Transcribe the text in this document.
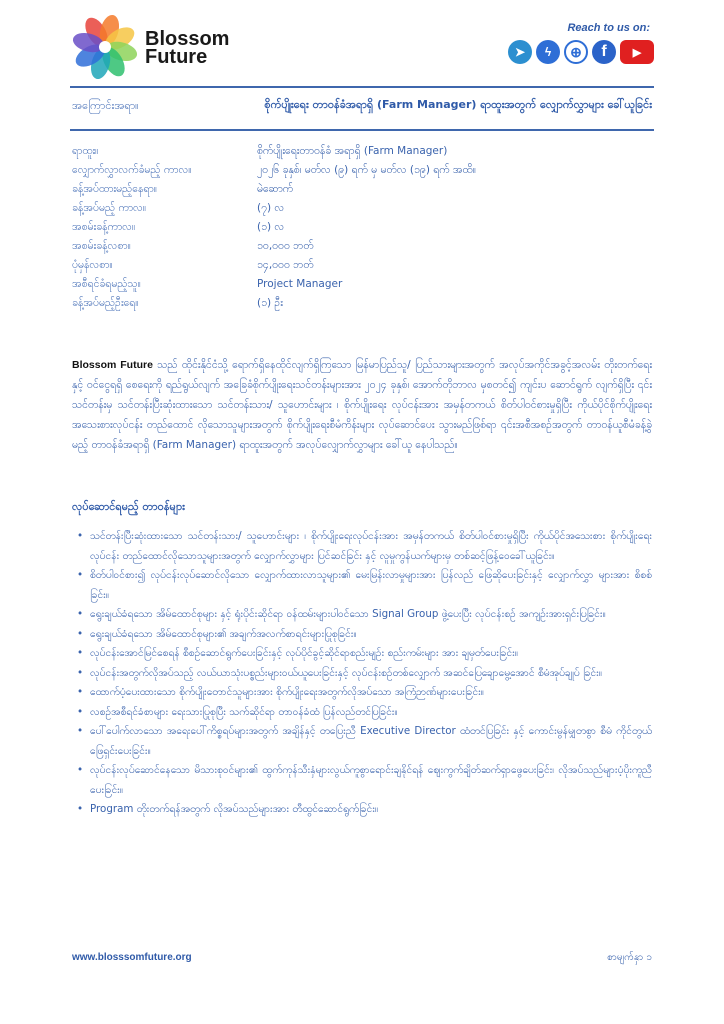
Blossom
Future
Reach to us on:
➤	ϟ	⊕	f	▶
အကြောင်းအရာ။	စိုက်ပျိုးရေး တာဝန်ခံအရာရှိ (Farm Manager) ရာထူးအတွက် လျှောက်လွှာများ ခေါ်ယူခြင်း
ရာထူး။	စိုက်ပျိုးရေးတာဝန်ခံ အရာရှိ (Farm Manager)
လျှောက်လွှာလက်ခံမည့် ကာလ။	၂၀၂၆ ခုနှစ်၊ မတ်လ (၉) ရက် မှ မတ်လ (၁၉) ရက် အထိ။
ခန့်အပ်ထားမည့်နေရာ။	မဲဆောက်
ခန့်အပ်မည့် ကာလ။	(၇) လ
အစမ်းခန့်ကာလ။	(၁) လ
အစမ်းခန့်လစာ။	၁၀,၀၀၀ ဘတ်
ပုံမှန်လစာ။	၁၄,၀၀၀ ဘတ်
အစီရင်ခံရမည့်သူ။	Project Manager
ခန့်အပ်မည့်ဦးရေ။	(၁) ဦး

Blossom Future သည် ထိုင်းနိုင်ငံသို့ ရောက်ရှိနေထိုင်လျက်ရှိကြသော မြန်မာပြည်သူ/ ပြည်သားများအတွက် အလုပ်အကိုင်အခွင့်အလမ်း တိုးတက်ရေးနှင့် ဝင်ငွေရရှိ စေရေးကို ရည်ရွယ်လျက် အခြေခံစိုက်ပျိုးရေးသင်တန်းများအား ၂၀၂၄ ခုနှစ်၊ အောက်တိုဘာလ မှစတင်၍ ကျင်းပ ဆောင်ရွက် လျက်ရှိပြီး ၎င်းသင်တန်းမှ သင်တန်းပြီးဆုံးထားသော သင်တန်းသား/ သူဟောင်းများ ၊ စိုက်ပျိုးရေး လုပ်ငန်းအား အမှန်တကယ် စိတ်ပါဝင်စားမှုရှိပြီး ကိုယ်ပိုင်စိုက်ပျိုးရေး အသေးစားလုပ်ငန်း တည်ထောင် လိုသောသူများအတွက် စိုက်ပျိုးရေးစီမံကိန်းများ လုပ်ဆောင်ပေး သွားမည်ဖြစ်ရာ ၎င်းအစီအစဉ်အတွက် တာဝန်ယူစီမံခန့်ခွဲမည့် တာဝန်ခံအရာရှိ (Farm Manager) ရာထူးအတွက် အလုပ်လျှောက်လွှာများ ခေါ်ယူ နေပါသည်။

လုပ်ဆောင်ရမည့် တာဝန်များ
• သင်တန်းပြီးဆုံးထားသော သင်တန်းသား/ သူဟောင်းများ ၊ စိုက်ပျိုးရေးလုပ်ငန်းအား အမှန်တကယ် စိတ်ပါဝင်စားမှုရှိပြီး ကိုယ်ပိုင်အသေးစား စိုက်ပျိုးရေးလုပ်ငန်း တည်ထောင်လိုသောသူများအတွက် လျှောက်လွှာများ ပြင်ဆင်ခြင်း နှင့် လူမှုကွန်ယက်များမှ တစ်ဆင့်ဖြန့်ဝေခေါ်ယူခြင်း။
• စိတ်ပါဝင်စား၍ လုပ်ငန်းလုပ်ဆောင်လိုသော လျှောက်ထားလာသူများ၏ မေးမြန်းလာမှုများအား ပြန်လည် ဖြေဆိုပေးခြင်းနှင့် လျှောက်လွှာ များအား စိစစ်ခြင်း။
• ရွေးချယ်ခံရသော အိမ်ထောင်စုများ နှင့် ရုံးပိုင်းဆိုင်ရာ ဝန်ထမ်းများပါဝင်သော Signal Group ဖွဲ့ပေးပြီး လုပ်ငန်းစဉ် အကျဉ်းအားရှင်းပြခြင်း။
• ရွေးချယ်ခံရသော အိမ်ထောင်စုများ၏ အချက်အလက်စာရင်းများပြုစုခြင်း။
• လုပ်ငန်းအောင်မြင်စေရန် စီစဉ်ဆောင်ရွက်ပေးခြင်းနှင့် လုပ်ပိုင်ခွင့်ဆိုင်ရာစည်းမျဉ်း စည်းကမ်းများ အား ချမှတ်ပေးခြင်း။
• လုပ်ငန်းအတွက်လိုအပ်သည့် လယ်ယာသုံးပစ္စည်းများဝယ်ယူပေးခြင်းနှင့် လုပ်ငန်းစဉ်တစ်လျှောက် အဆင်ပြေချောမွေ့အောင် စီမံအုပ်ချုပ် ခြင်း။
• ထောက်ပံ့ပေးထားသော စိုက်ပျိုးတောင်သူများအား စိုက်ပျိုးရေးအတွက်လိုအပ်သော အကြံဉာဏ်များပေးခြင်း။
• လစဉ်အစီရင်ခံစာများ ရေးသားပြုစုပြီး သက်ဆိုင်ရာ တာဝန်ခံထံ ပြန်လည်တင်ပြခြင်း။
• ပေါ်ပေါက်လာသော အရေးပေါ်ကိစ္စရပ်များအတွက် အချိန်နှင့် တပြေးညီ Executive Director ထံတင်ပြခြင်း နှင့် ကောင်းမွန်မျှတစွာ စီမံ ကိုင်တွယ်ဖြေရှင်းပေးခြင်း။
• လုပ်ငန်းလုပ်ဆောင်နေသော မိသားစုဝင်များ၏ ထွက်ကုန်သီးနှံများလွယ်ကူစွာရောင်းချနိုင်ရန် ဈေးကွက်ချိတ်ဆက်ရှာဖွေပေးခြင်း၊ လိုအပ်သည်များပံ့ပိုးကူညီပေးခြင်း။
• Program တိုးတက်ရန်အတွက် လိုအပ်သည်များအား တီထွင်ဆောင်ရွက်ခြင်း။
www.blosssomfuture.org	စာမျက်နှာ ၁
